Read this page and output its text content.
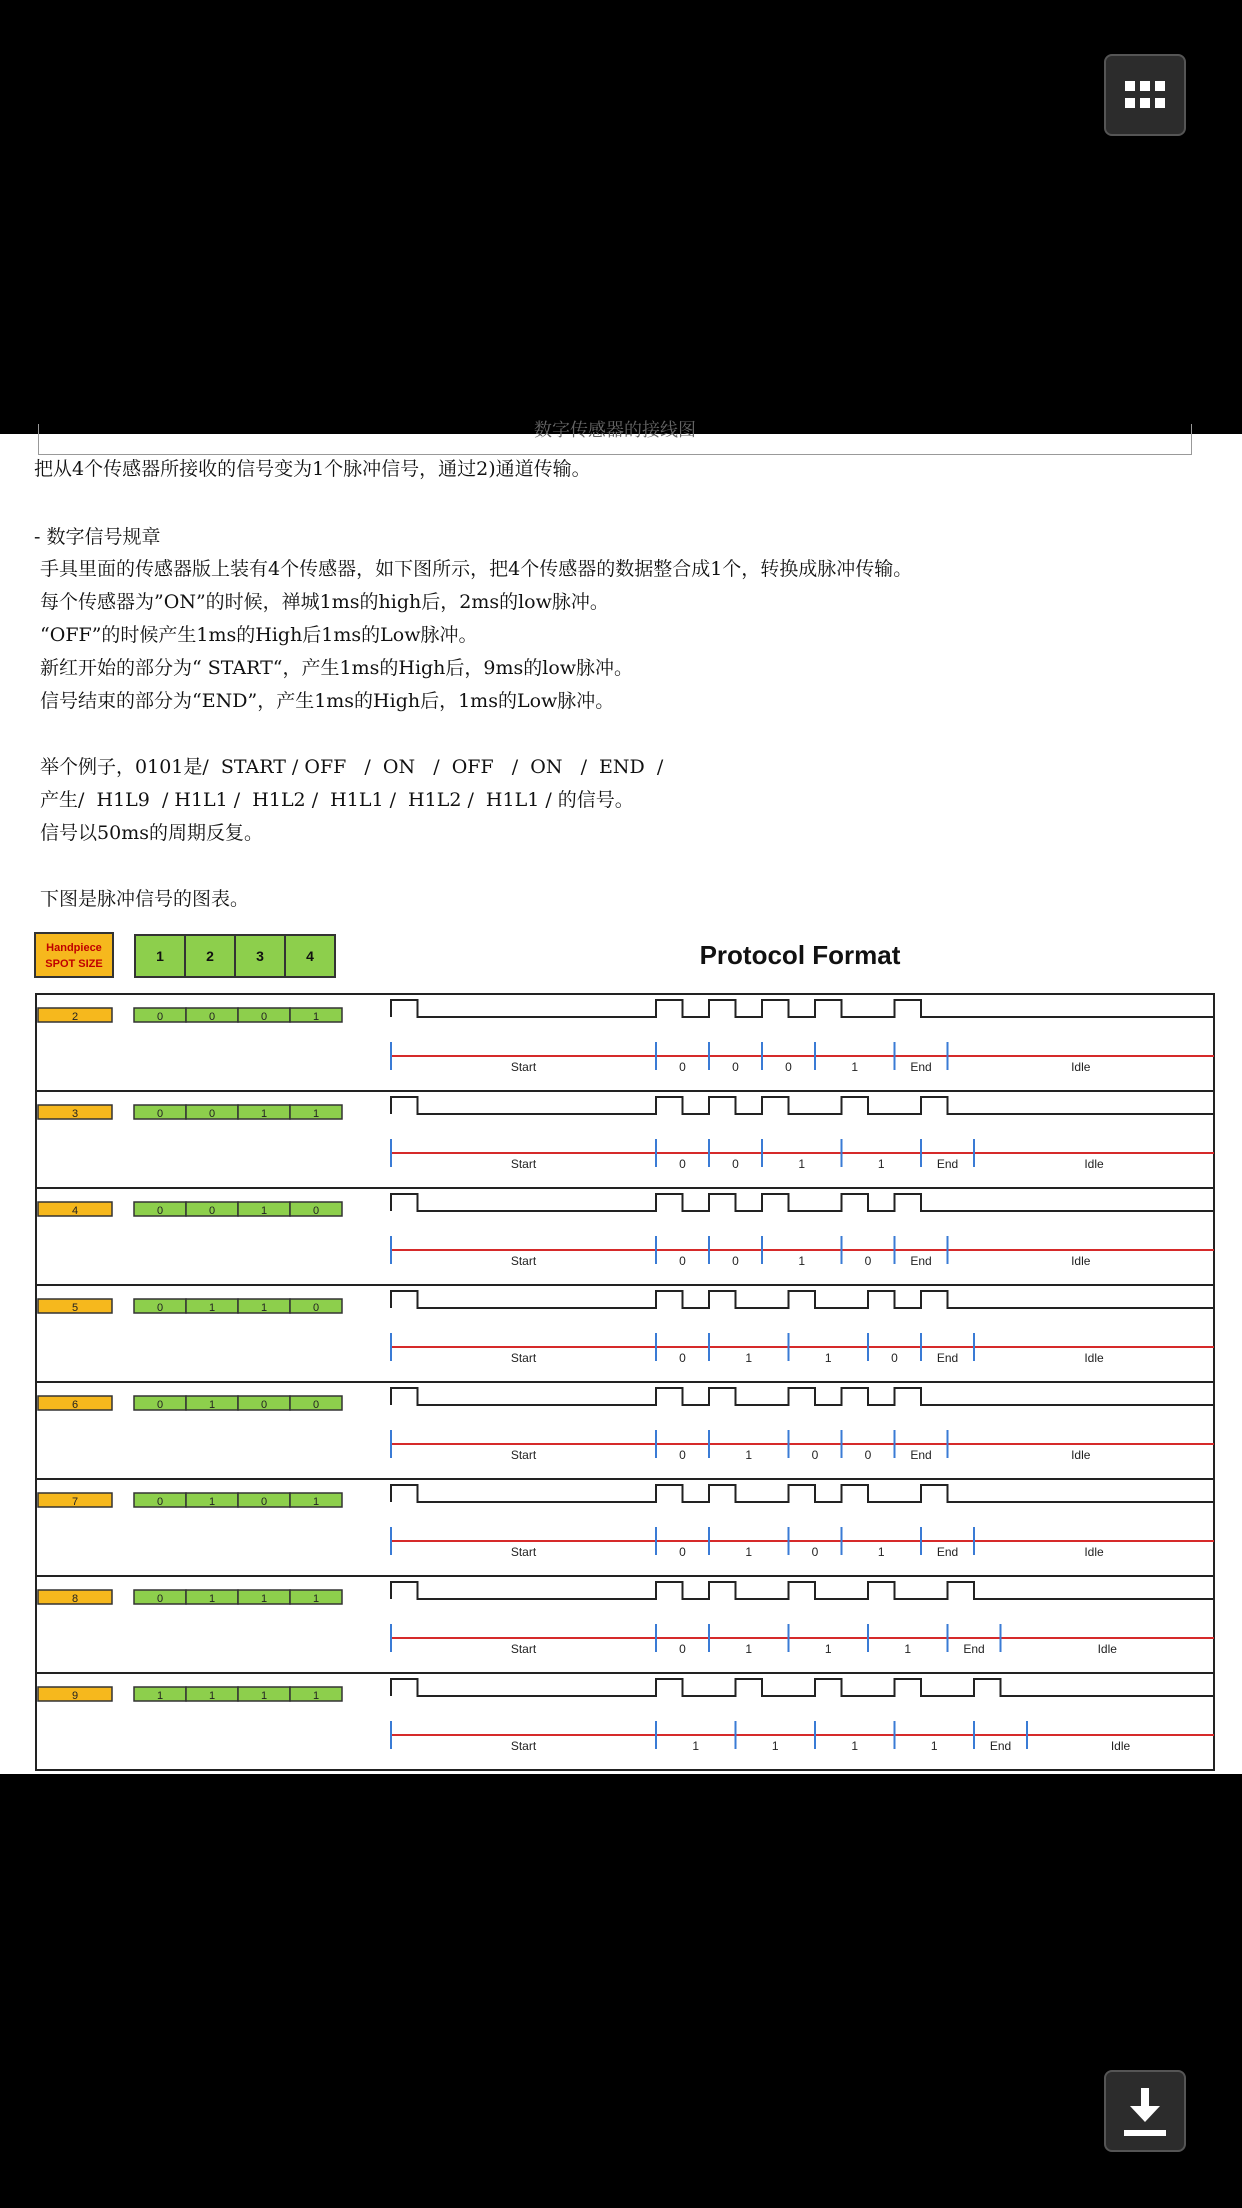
数字传感器的接线图
把从4个传感器所接收的信号变为1个脉冲信号，通过2)通道传输。
- 数字信号规章
手具里面的传感器版上装有4个传感器，如下图所示，把4个传感器的数据整合成1个，转换成脉冲传输。
每个传感器为”ON”的时候，禅城1ms的high后，2ms的low脉冲。
“OFF”的时候产生1ms的High后1ms的Low脉冲。
新红开始的部分为“ START“，产生1ms的High后，9ms的low脉冲。
信号结束的部分为“END”，产生1ms的High后，1ms的Low脉冲。
举个例子，0101是/  START / OFF   /  ON   /  OFF   /  ON   /  END  /
产生/  H1L9  / H1L1 /  H1L2 /  H1L1 /  H1L2 /  H1L1 / 的信号。
信号以50ms的周期反复。
下图是脉冲信号的图表。
Handpiece
SPOT SIZE	1	2	3	4	Protocol Format
2	0	0	0	1
Start	0	0	0	1	End	Idle
3	0	0	1	1
Start	0	0	1	1	End	Idle
4	0	0	1	0
Start	0	0	1	0	End	Idle
5	0	1	1	0
Start	0	1	1	0	End	Idle
6	0	1	0	0
Start	0	1	0	0	End	Idle
7	0	1	0	1
Start	0	1	0	1	End	Idle
8	0	1	1	1
Start	0	1	1	1	End	Idle
9	1	1	1	1
Start	1	1	1	1	End	Idle
